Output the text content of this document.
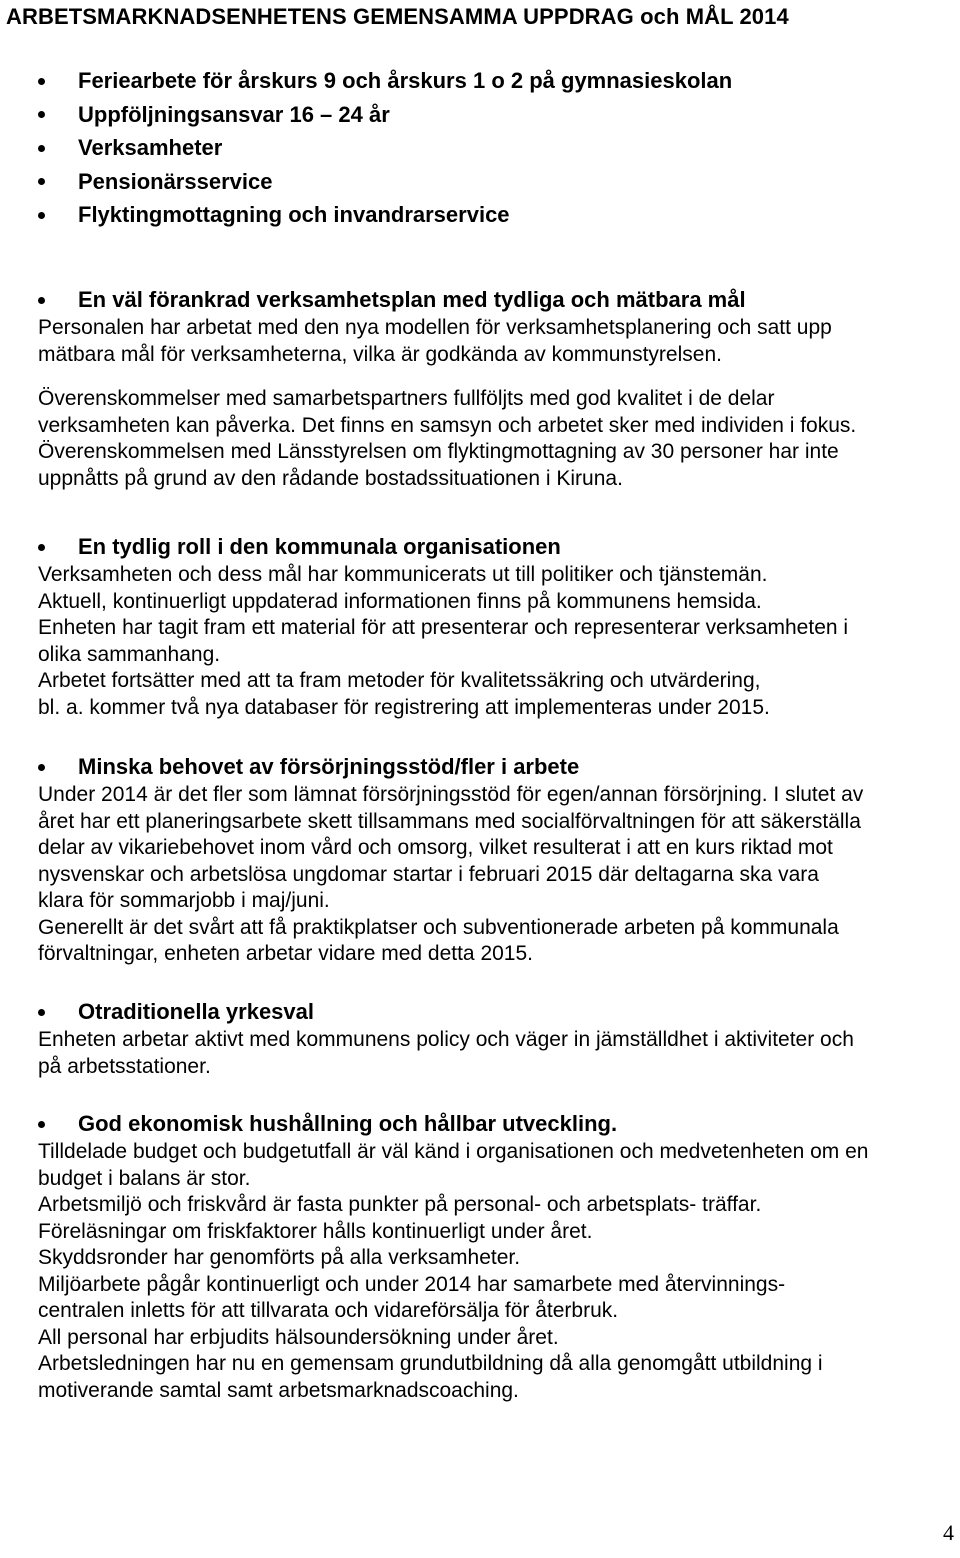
ARBETSMARKNADSENHETENS GEMENSAMMA UPPDRAG och MÅL 2014
Feriearbete för årskurs 9 och årskurs 1 o 2 på gymnasieskolan
Uppföljningsansvar 16 – 24 år
Verksamheter
Pensionärsservice
Flyktingmottagning och invandrarservice
En väl förankrad verksamhetsplan med tydliga och mätbara mål

Personalen har arbetat med den nya modellen för verksamhetsplanering och satt upp

mätbara mål för verksamheterna, vilka är godkända av kommunstyrelsen.

Överenskommelser med samarbetspartners fullföljts med god kvalitet i de delar

verksamheten kan påverka. Det finns en samsyn och arbetet sker med individen i fokus.

Överenskommelsen med Länsstyrelsen om flyktingmottagning av 30 personer har inte

uppnåtts på grund av den rådande bostadssituationen i Kiruna.

En tydlig roll i den kommunala organisationen

Verksamheten och dess mål har kommunicerats ut till politiker och tjänstemän.

Aktuell, kontinuerligt uppdaterad informationen finns på kommunens hemsida.

Enheten har tagit fram ett material för att presenterar och representerar verksamheten i

olika sammanhang.

Arbetet fortsätter med att ta fram metoder för kvalitetssäkring och utvärdering,

bl. a. kommer två nya databaser för registrering att implementeras under 2015.

Minska behovet av försörjningsstöd/fler i arbete

Under 2014 är det fler som lämnat försörjningsstöd för egen/annan försörjning. I slutet av

året har ett planeringsarbete skett tillsammans med socialförvaltningen för att säkerställa

delar av vikariebehovet inom vård och omsorg, vilket resulterat i att en kurs riktad mot

nysvenskar och arbetslösa ungdomar startar i februari 2015 där deltagarna ska vara

klara för sommarjobb i maj/juni.

Generellt är det svårt att få praktikplatser och subventionerade arbeten på kommunala

förvaltningar, enheten arbetar vidare med detta 2015.

Otraditionella yrkesval

Enheten arbetar aktivt med kommunens policy och väger in jämställdhet i aktiviteter och

på arbetsstationer.

God ekonomisk hushållning och hållbar utveckling.

Tilldelade budget och budgetutfall är väl känd i organisationen och medvetenheten om en

budget i balans är stor.

Arbetsmiljö och friskvård är fasta punkter på personal- och arbetsplats- träffar.

Föreläsningar om friskfaktorer hålls kontinuerligt under året.

Skyddsronder har genomförts på alla verksamheter.

Miljöarbete pågår kontinuerligt och under 2014 har samarbete med återvinnings-

centralen inletts för att tillvarata och vidareförsälja för återbruk.

All personal har erbjudits hälsoundersökning under året.

Arbetsledningen har nu en gemensam grundutbildning då alla genomgått utbildning i

motiverande samtal samt arbetsmarknadscoaching.

4
